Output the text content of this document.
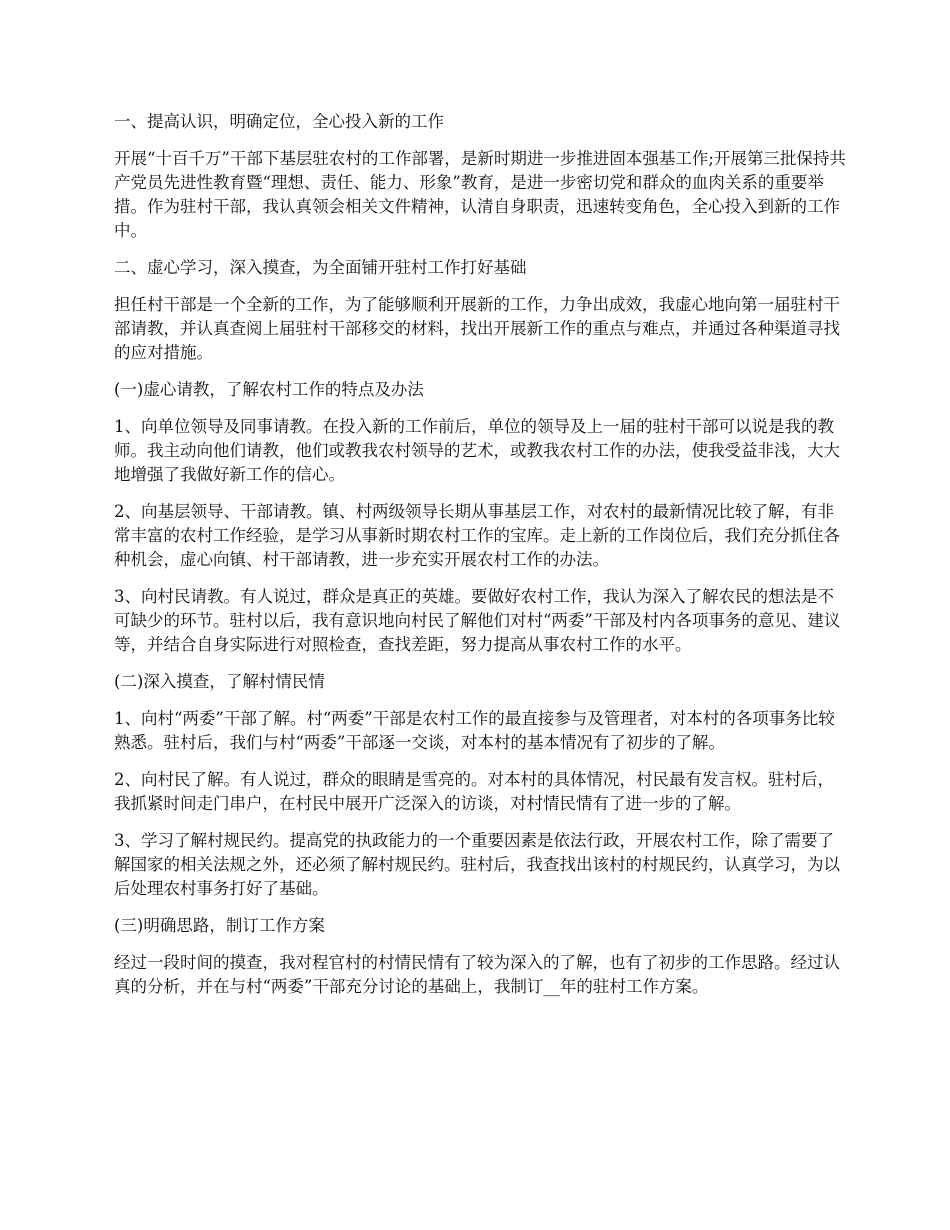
一、提高认识，明确定位，全心投入新的工作

开展“十百千万”干部下基层驻农村的工作部署，是新时期进一步推进固本强基工作;开展第三批保持共产党员先进性教育暨“理想、责任、能力、形象”教育，是进一步密切党和群众的血肉关系的重要举措。作为驻村干部，我认真领会相关文件精神，认清自身职责，迅速转变角色，全心投入到新的工作中。

二、虚心学习，深入摸查，为全面铺开驻村工作打好基础

担任村干部是一个全新的工作，为了能够顺利开展新的工作，力争出成效，我虚心地向第一届驻村干部请教，并认真查阅上届驻村干部移交的材料，找出开展新工作的重点与难点，并通过各种渠道寻找的应对措施。

(一)虚心请教，了解农村工作的特点及办法

1、向单位领导及同事请教。在投入新的工作前后，单位的领导及上一届的驻村干部可以说是我的教师。我主动向他们请教，他们或教我农村领导的艺术，或教我农村工作的办法，使我受益非浅，大大地增强了我做好新工作的信心。

2、向基层领导、干部请教。镇、村两级领导长期从事基层工作，对农村的最新情况比较了解，有非常丰富的农村工作经验，是学习从事新时期农村工作的宝库。走上新的工作岗位后，我们充分抓住各种机会，虚心向镇、村干部请教，进一步充实开展农村工作的办法。

3、向村民请教。有人说过，群众是真正的英雄。要做好农村工作，我认为深入了解农民的想法是不可缺少的环节。驻村以后，我有意识地向村民了解他们对村“两委”干部及村内各项事务的意见、建议等，并结合自身实际进行对照检查，查找差距，努力提高从事农村工作的水平。

(二)深入摸查，了解村情民情

1、向村“两委”干部了解。村“两委”干部是农村工作的最直接参与及管理者，对本村的各项事务比较熟悉。驻村后，我们与村“两委”干部逐一交谈，对本村的基本情况有了初步的了解。

2、向村民了解。有人说过，群众的眼睛是雪亮的。对本村的具体情况，村民最有发言权。驻村后，我抓紧时间走门串户，在村民中展开广泛深入的访谈，对村情民情有了进一步的了解。

3、学习了解村规民约。提高党的执政能力的一个重要因素是依法行政，开展农村工作，除了需要了解国家的相关法规之外，还必须了解村规民约。驻村后，我查找出该村的村规民约，认真学习，为以后处理农村事务打好了基础。

(三)明确思路，制订工作方案

经过一段时间的摸查，我对程官村的村情民情有了较为深入的了解，也有了初步的工作思路。经过认真的分析，并在与村“两委”干部充分讨论的基础上，我制订__年的驻村工作方案。
